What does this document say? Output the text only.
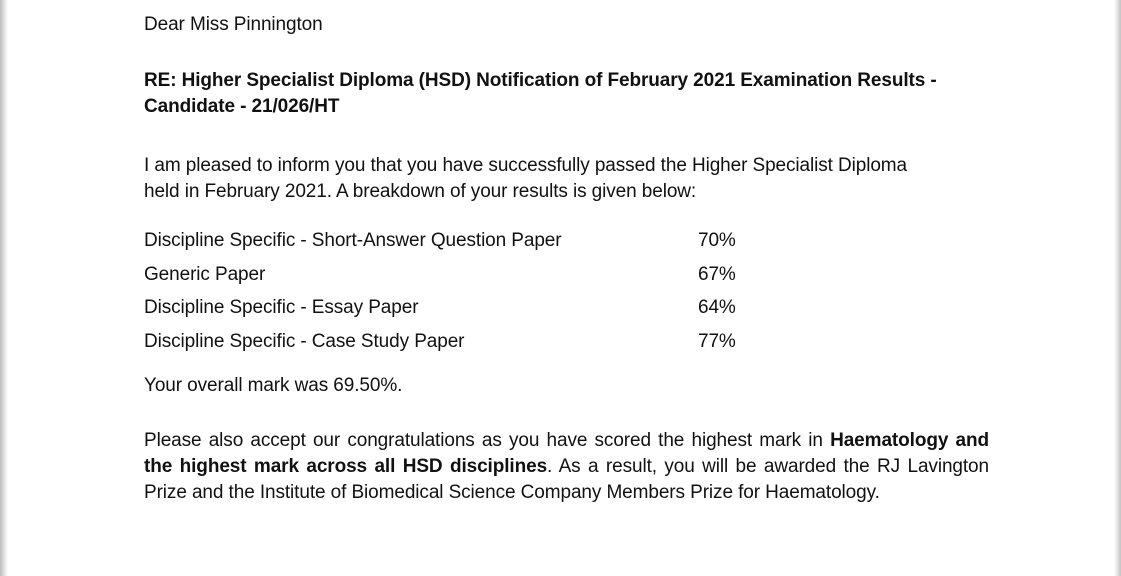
Dear Miss Pinnington

RE: Higher Specialist Diploma (HSD) Notification of February 2021 Examination Results -
Candidate - 21/026/HT

I am pleased to inform you that you have successfully passed the Higher Specialist Diploma
held in February 2021. A breakdown of your results is given below:

Discipline Specific - Short-Answer Question Paper	70%
Generic Paper	67%
Discipline Specific - Essay Paper	64%
Discipline Specific - Case Study Paper	77%

Your overall mark was 69.50%.

Please also accept our congratulations as you have scored the highest mark in Haematology and the highest mark across all HSD disciplines. As a result, you will be awarded the RJ Lavington Prize and the Institute of Biomedical Science Company Members Prize for Haematology.
